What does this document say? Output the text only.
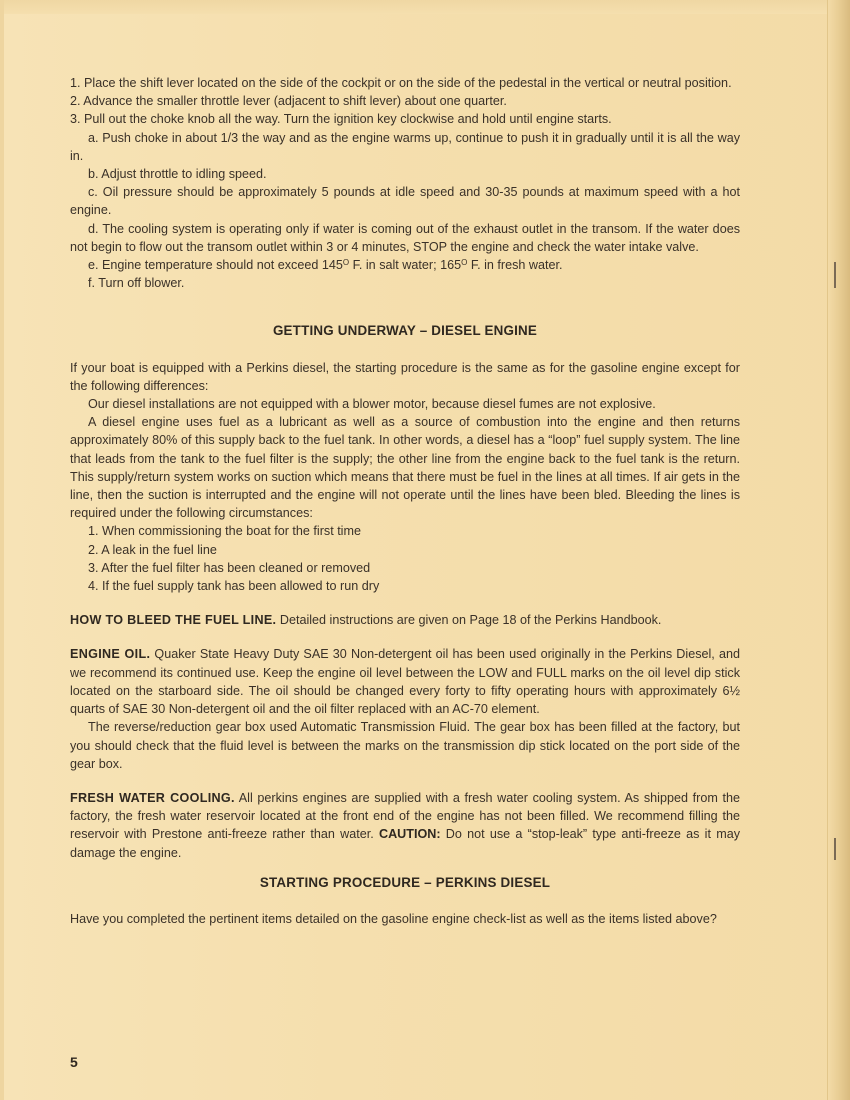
1. Place the shift lever located on the side of the cockpit or on the side of the pedestal in the vertical or neutral position.

2. Advance the smaller throttle lever (adjacent to shift lever) about one quarter.

3. Pull out the choke knob all the way. Turn the ignition key clockwise and hold until engine starts.

a. Push choke in about 1/3 the way and as the engine warms up, continue to push it in gradually until it is all the way in.

b. Adjust throttle to idling speed.

c. Oil pressure should be approximately 5 pounds at idle speed and 30-35 pounds at maximum speed with a hot engine.

d. The cooling system is operating only if water is coming out of the exhaust outlet in the transom. If the water does not begin to flow out the transom outlet within 3 or 4 minutes, STOP the engine and check the water intake valve.

e. Engine temperature should not exceed $145^O$ F. in salt water; $165^O$ F. in fresh water.

f. Turn off blower.

GETTING UNDERWAY – DIESEL ENGINE

If your boat is equipped with a Perkins diesel, the starting procedure is the same as for the gasoline engine except for the following differences:

Our diesel installations are not equipped with a blower motor, because diesel fumes are not explosive.

A diesel engine uses fuel as a lubricant as well as a source of combustion into the engine and then returns approximately 80% of this supply back to the fuel tank. In other words, a diesel has a “loop” fuel supply system. The line that leads from the tank to the fuel filter is the supply; the other line from the engine back to the fuel tank is the return. This supply/return system works on suction which means that there must be fuel in the lines at all times. If air gets in the line, then the suction is interrupted and the engine will not operate until the lines have been bled. Bleeding the lines is required under the following circumstances:

1. When commissioning the boat for the first time

2. A leak in the fuel line

3. After the fuel filter has been cleaned or removed

4. If the fuel supply tank has been allowed to run dry

HOW TO BLEED THE FUEL LINE. Detailed instructions are given on Page 18 of the Perkins Handbook.

ENGINE OIL. Quaker State Heavy Duty SAE 30 Non-detergent oil has been used originally in the Perkins Diesel, and we recommend its continued use. Keep the engine oil level between the LOW and FULL marks on the oil level dip stick located on the starboard side. The oil should be changed every forty to fifty operating hours with approximately 6½ quarts of SAE 30 Non-detergent oil and the oil filter replaced with an AC-70 element.

The reverse/reduction gear box used Automatic Transmission Fluid. The gear box has been filled at the factory, but you should check that the fluid level is between the marks on the transmission dip stick located on the port side of the gear box.

FRESH WATER COOLING. All perkins engines are supplied with a fresh water cooling system. As shipped from the factory, the fresh water reservoir located at the front end of the engine has not been filled. We recommend filling the reservoir with Prestone anti-freeze rather than water. CAUTION: Do not use a “stop-leak” type anti-freeze as it may damage the engine.

STARTING PROCEDURE – PERKINS DIESEL

Have you completed the pertinent items detailed on the gasoline engine check-list as well as the items listed above?

5
